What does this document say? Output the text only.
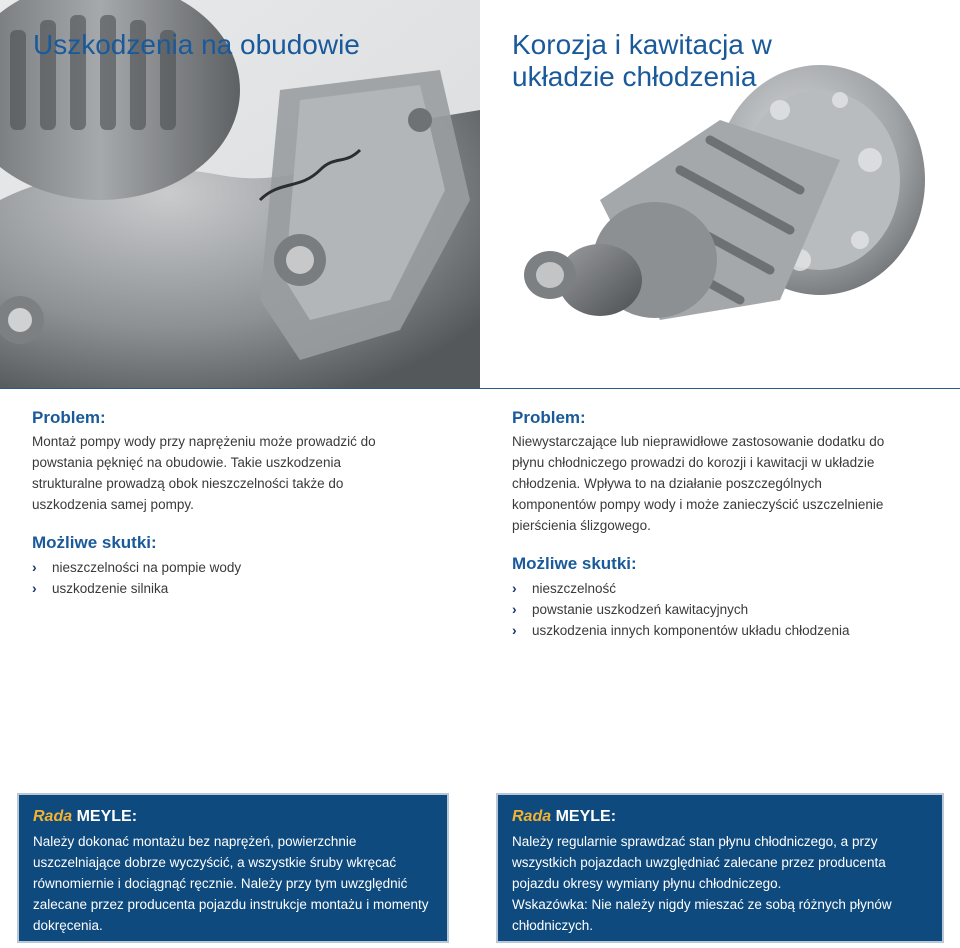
Uszkodzenia na obudowie

Problem:

Montaż pompy wody przy naprężeniu może prowadzić do powstania pęknięć na obudowie. Takie uszkodzenia strukturalne prowadzą obok nieszczelności także do uszkodzenia samej pompy.

Możliwe skutki:

› nieszczelności na pompie wody
› uszkodzenie silnika
Korozja i kawitacja w układzie chłodzenia

Problem:

Niewystarczające lub nieprawidłowe zastosowanie dodatku do płynu chłodniczego prowadzi do korozji i kawitacji w układzie chłodzenia. Wpływa to na działanie poszczególnych komponentów pompy wody i może zanieczyścić uszczelnienie pierścienia ślizgowego.

Możliwe skutki:

› nieszczelność
› powstanie uszkodzeń kawitacyjnych
› uszkodzenia innych komponentów układu chłodzenia

Rada MEYLE:

Należy dokonać montażu bez naprężeń, powierzchnie uszczelniające dobrze wyczyścić, a wszystkie śruby wkręcać równomiernie i dociągnąć ręcznie. Należy przy tym uwzględnić zalecane przez producenta pojazdu instrukcje montażu i momenty dokręcenia.

Rada MEYLE:

Należy regularnie sprawdzać stan płynu chłodniczego, a przy wszystkich pojazdach uwzględniać zalecane przez producenta pojazdu okresy wymiany płynu chłodniczego.

Wskazówka: Nie należy nigdy mieszać ze sobą różnych płynów chłodniczych.
